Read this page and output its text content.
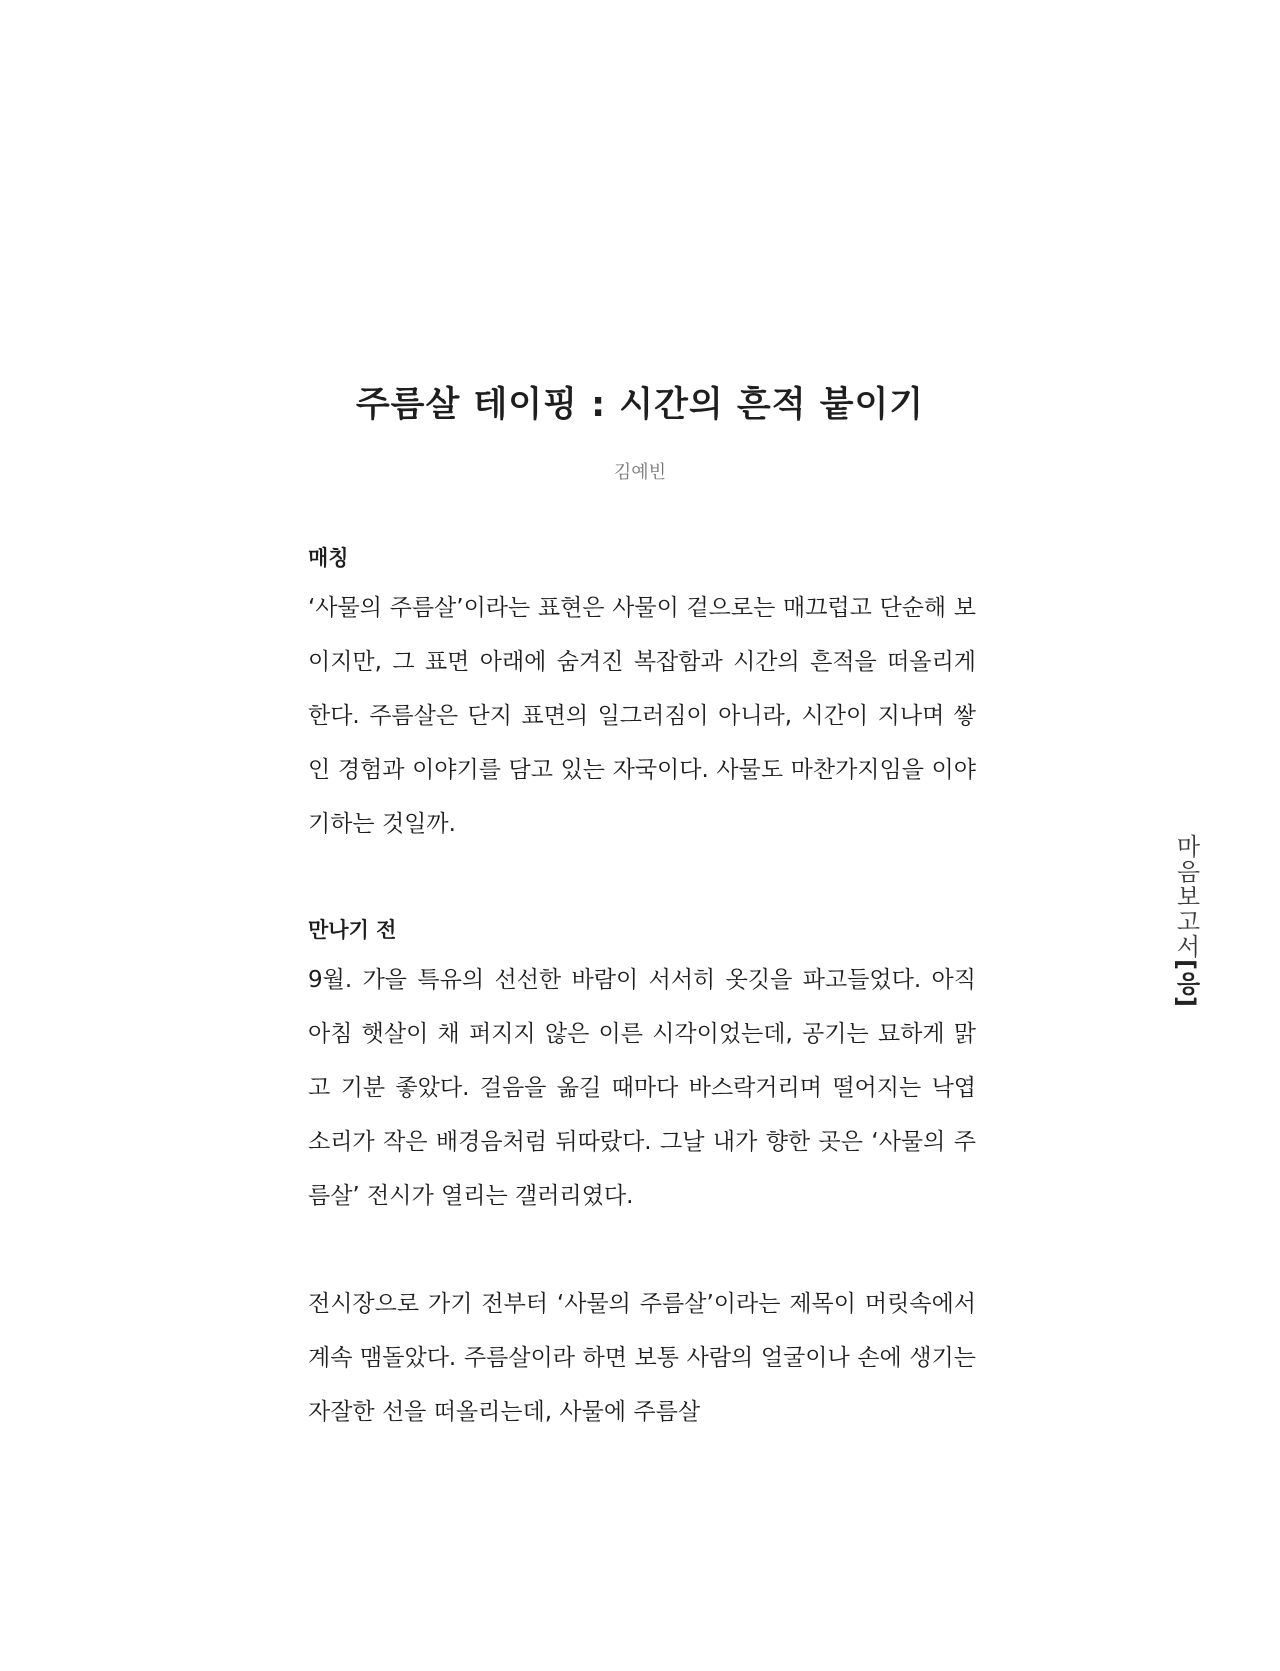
주름살 테이핑 : 시간의 흔적 붙이기
김예빈
매칭

‘사물의 주름살’이라는 표현은 사물이 겉으로는 매끄럽고 단순해 보이지만, 그 표면 아래에 숨겨진 복잡함과 시간의 흔적을 떠올리게 한다. 주름살은 단지 표면의 일그러짐이 아니라, 시간이 지나며 쌓인 경험과 이야기를 담고 있는 자국이다. 사물도 마찬가지임을 이야기하는 것일까.

만나기 전

9월. 가을 특유의 선선한 바람이 서서히 옷깃을 파고들었다. 아직 아침 햇살이 채 퍼지지 않은 이른 시각이었는데, 공기는 묘하게 맑고 기분 좋았다. 걸음을 옮길 때마다 바스락거리며 떨어지는 낙엽 소리가 작은 배경음처럼 뒤따랐다. 그날 내가 향한 곳은 ‘사물의 주름살’ 전시가 열리는 갤러리였다.

전시장으로 가기 전부터 ‘사물의 주름살’이라는 제목이 머릿속에서 계속 맴돌았다. 주름살이라 하면 보통 사람의 얼굴이나 손에 생기는 자잘한 선을 떠올리는데, 사물에 주름살

마음보고서[응]
